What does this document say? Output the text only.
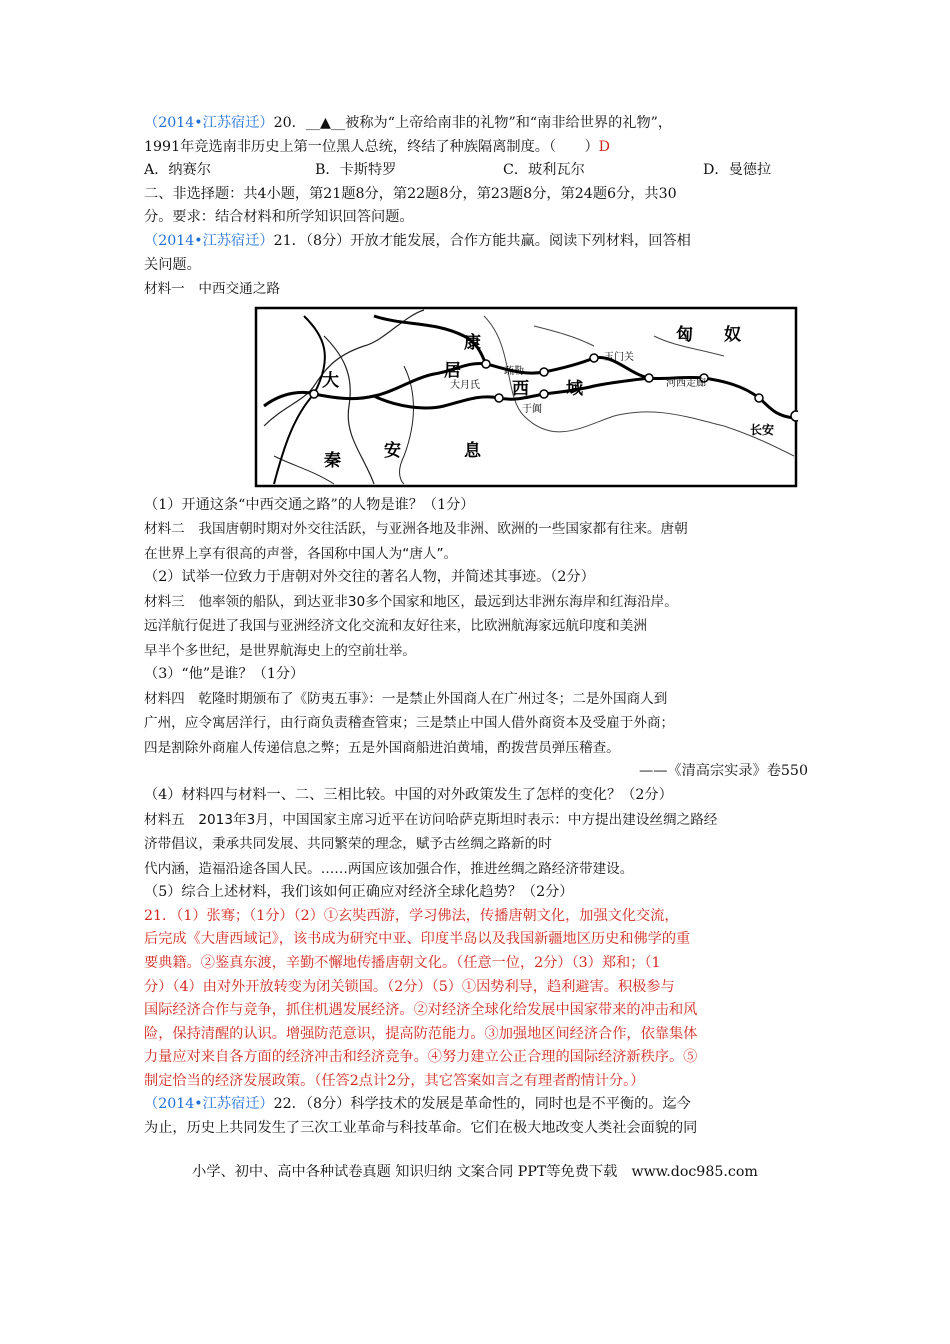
（2014•江苏宿迁）20．__▲__被称为“上帝给南非的礼物”和“南非给世界的礼物”，
1991年竞选南非历史上第一位黑人总统，终结了种族隔离制度。（　　）D
A．纳赛尔	B．卡斯特罗	C．玻利瓦尔	D．曼德拉
二、非选择题：共4小题，第21题8分，第22题8分，第23题8分，第24题6分，共30
分。要求：结合材料和所学知识回答问题。
（2014•江苏宿迁）21．（8分）开放才能发展，合作方能共赢。阅读下列材料，回答相
关问题。
材料一　中西交通之路
匈 奴
康
居
大	西 域
秦	安	息
疏勒
大月氏
于阗
玉门关
河西走廊
长安
（1）开通这条“中西交通之路”的人物是谁？（1分）
材料二　我国唐朝时期对外交往活跃，与亚洲各地及非洲、欧洲的一些国家都有往来。唐朝
在世界上享有很高的声誉，各国称中国人为“唐人”。
（2）试举一位致力于唐朝对外交往的著名人物，并简述其事迹。（2分）
材料三　他率领的船队，到达亚非30多个国家和地区，最远到达非洲东海岸和红海沿岸。
远洋航行促进了我国与亚洲经济文化交流和友好往来，比欧洲航海家远航印度和美洲
早半个多世纪，是世界航海史上的空前壮举。
（3）“他”是谁？（1分）
材料四　乾隆时期颁布了《防夷五事》：一是禁止外国商人在广州过冬；二是外国商人到
广州，应令寓居洋行，由行商负责稽查管束；三是禁止中国人借外商资本及受雇于外商；
四是割除外商雇人传递信息之弊；五是外国商船进泊黄埔，酌拨营员弹压稽查。
——《清高宗实录》卷550
（4）材料四与材料一、二、三相比较。中国的对外政策发生了怎样的变化？（2分）
材料五　2013年3月，中国国家主席习近平在访问哈萨克斯坦时表示：中方提出建设丝绸之路经
济带倡议，秉承共同发展、共同繁荣的理念，赋予古丝绸之路新的时
代内涵，造福沿途各国人民。……两国应该加强合作，推进丝绸之路经济带建设。
（5）综合上述材料，我们该如何正确应对经济全球化趋势？（2分）
21．（1）张骞；（1分）（2）①玄奘西游，学习佛法，传播唐朝文化，加强文化交流，
后完成《大唐西域记》，该书成为研究中亚、印度半岛以及我国新疆地区历史和佛学的重
要典籍。②鉴真东渡，辛勤不懈地传播唐朝文化。（任意一位，2分）（3）郑和；（1
分）（4）由对外开放转变为闭关锁国。（2分）（5）①因势利导，趋利避害。积极参与
国际经济合作与竞争，抓住机遇发展经济。②对经济全球化给发展中国家带来的冲击和风
险，保持清醒的认识。增强防范意识，提高防范能力。③加强地区间经济合作，依靠集体
力量应对来自各方面的经济冲击和经济竞争。④努力建立公正合理的国际经济新秩序。⑤
制定恰当的经济发展政策。（任答2点计2分，其它答案如言之有理者酌情计分。）
（2014•江苏宿迁）22．（8分）科学技术的发展是革命性的，同时也是不平衡的。迄今
为止，历史上共同发生了三次工业革命与科技革命。它们在极大地改变人类社会面貌的同
小学、初中、高中各种试卷真题 知识归纳 文案合同 PPT等免费下载　www.doc985.com
